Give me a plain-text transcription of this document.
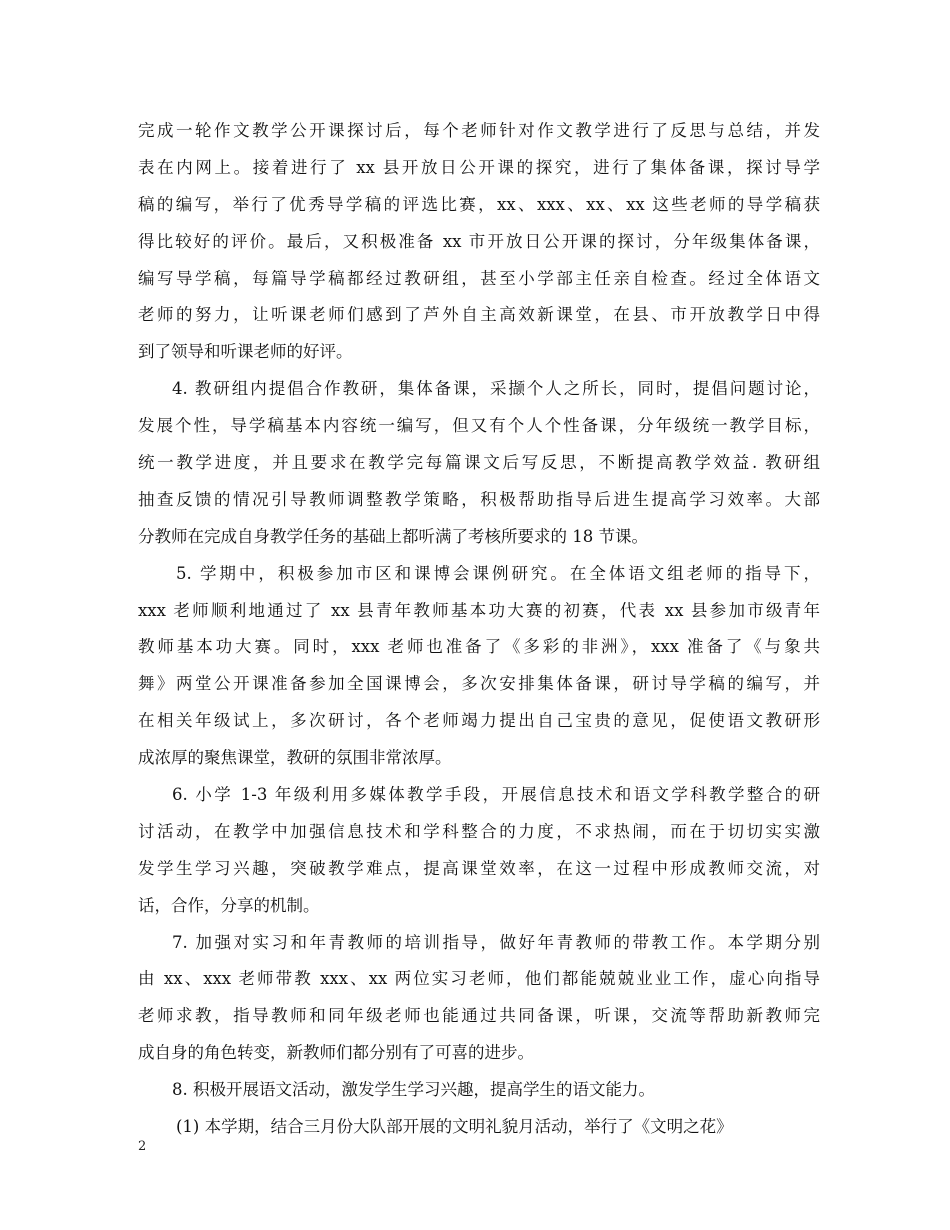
完成一轮作文教学公开课探讨后，每个老师针对作文教学进行了反思与总结，并发
表在内网上。接着进行了 xx 县开放日公开课的探究，进行了集体备课，探讨导学
稿的编写，举行了优秀导学稿的评选比赛，xx、xxx、xx、xx 这些老师的导学稿获
得比较好的评价。最后，又积极准备 xx 市开放日公开课的探讨，分年级集体备课，
编写导学稿，每篇导学稿都经过教研组，甚至小学部主任亲自检查。经过全体语文
老师的努力，让听课老师们感到了芦外自主高效新课堂，在县、市开放教学日中得
到了领导和听课老师的好评。
4. 教研组内提倡合作教研，集体备课，采撷个人之所长，同时，提倡问题讨论，
发展个性，导学稿基本内容统一编写，但又有个人个性备课，分年级统一教学目标，
统一教学进度，并且要求在教学完每篇课文后写反思，不断提高教学效益. 教研组
抽查反馈的情况引导教师调整教学策略，积极帮助指导后进生提高学习效率。大部
分教师在完成自身教学任务的基础上都听满了考核所要求的 18 节课。
5. 学期中，积极参加市区和课博会课例研究。在全体语文组老师的指导下，
xxx 老师顺利地通过了 xx 县青年教师基本功大赛的初赛，代表 xx 县参加市级青年
教师基本功大赛。同时，xxx 老师也准备了《多彩的非洲》，xxx 准备了《与象共
舞》两堂公开课准备参加全国课博会，多次安排集体备课，研讨导学稿的编写，并
在相关年级试上，多次研讨，各个老师竭力提出自己宝贵的意见，促使语文教研形
成浓厚的聚焦课堂，教研的氛围非常浓厚。
6. 小学 1-3 年级利用多媒体教学手段，开展信息技术和语文学科教学整合的研
讨活动，在教学中加强信息技术和学科整合的力度，不求热闹，而在于切切实实激
发学生学习兴趣，突破教学难点，提高课堂效率，在这一过程中形成教师交流，对
话，合作，分享的机制。
7. 加强对实习和年青教师的培训指导，做好年青教师的带教工作。本学期分别
由 xx、xxx 老师带教 xxx、xx 两位实习老师，他们都能兢兢业业工作，虚心向指导
老师求教，指导教师和同年级老师也能通过共同备课，听课，交流等帮助新教师完
成自身的角色转变，新教师们都分别有了可喜的进步。
8. 积极开展语文活动，激发学生学习兴趣，提高学生的语文能力。
(1) 本学期，结合三月份大队部开展的文明礼貌月活动，举行了《文明之花》
2
